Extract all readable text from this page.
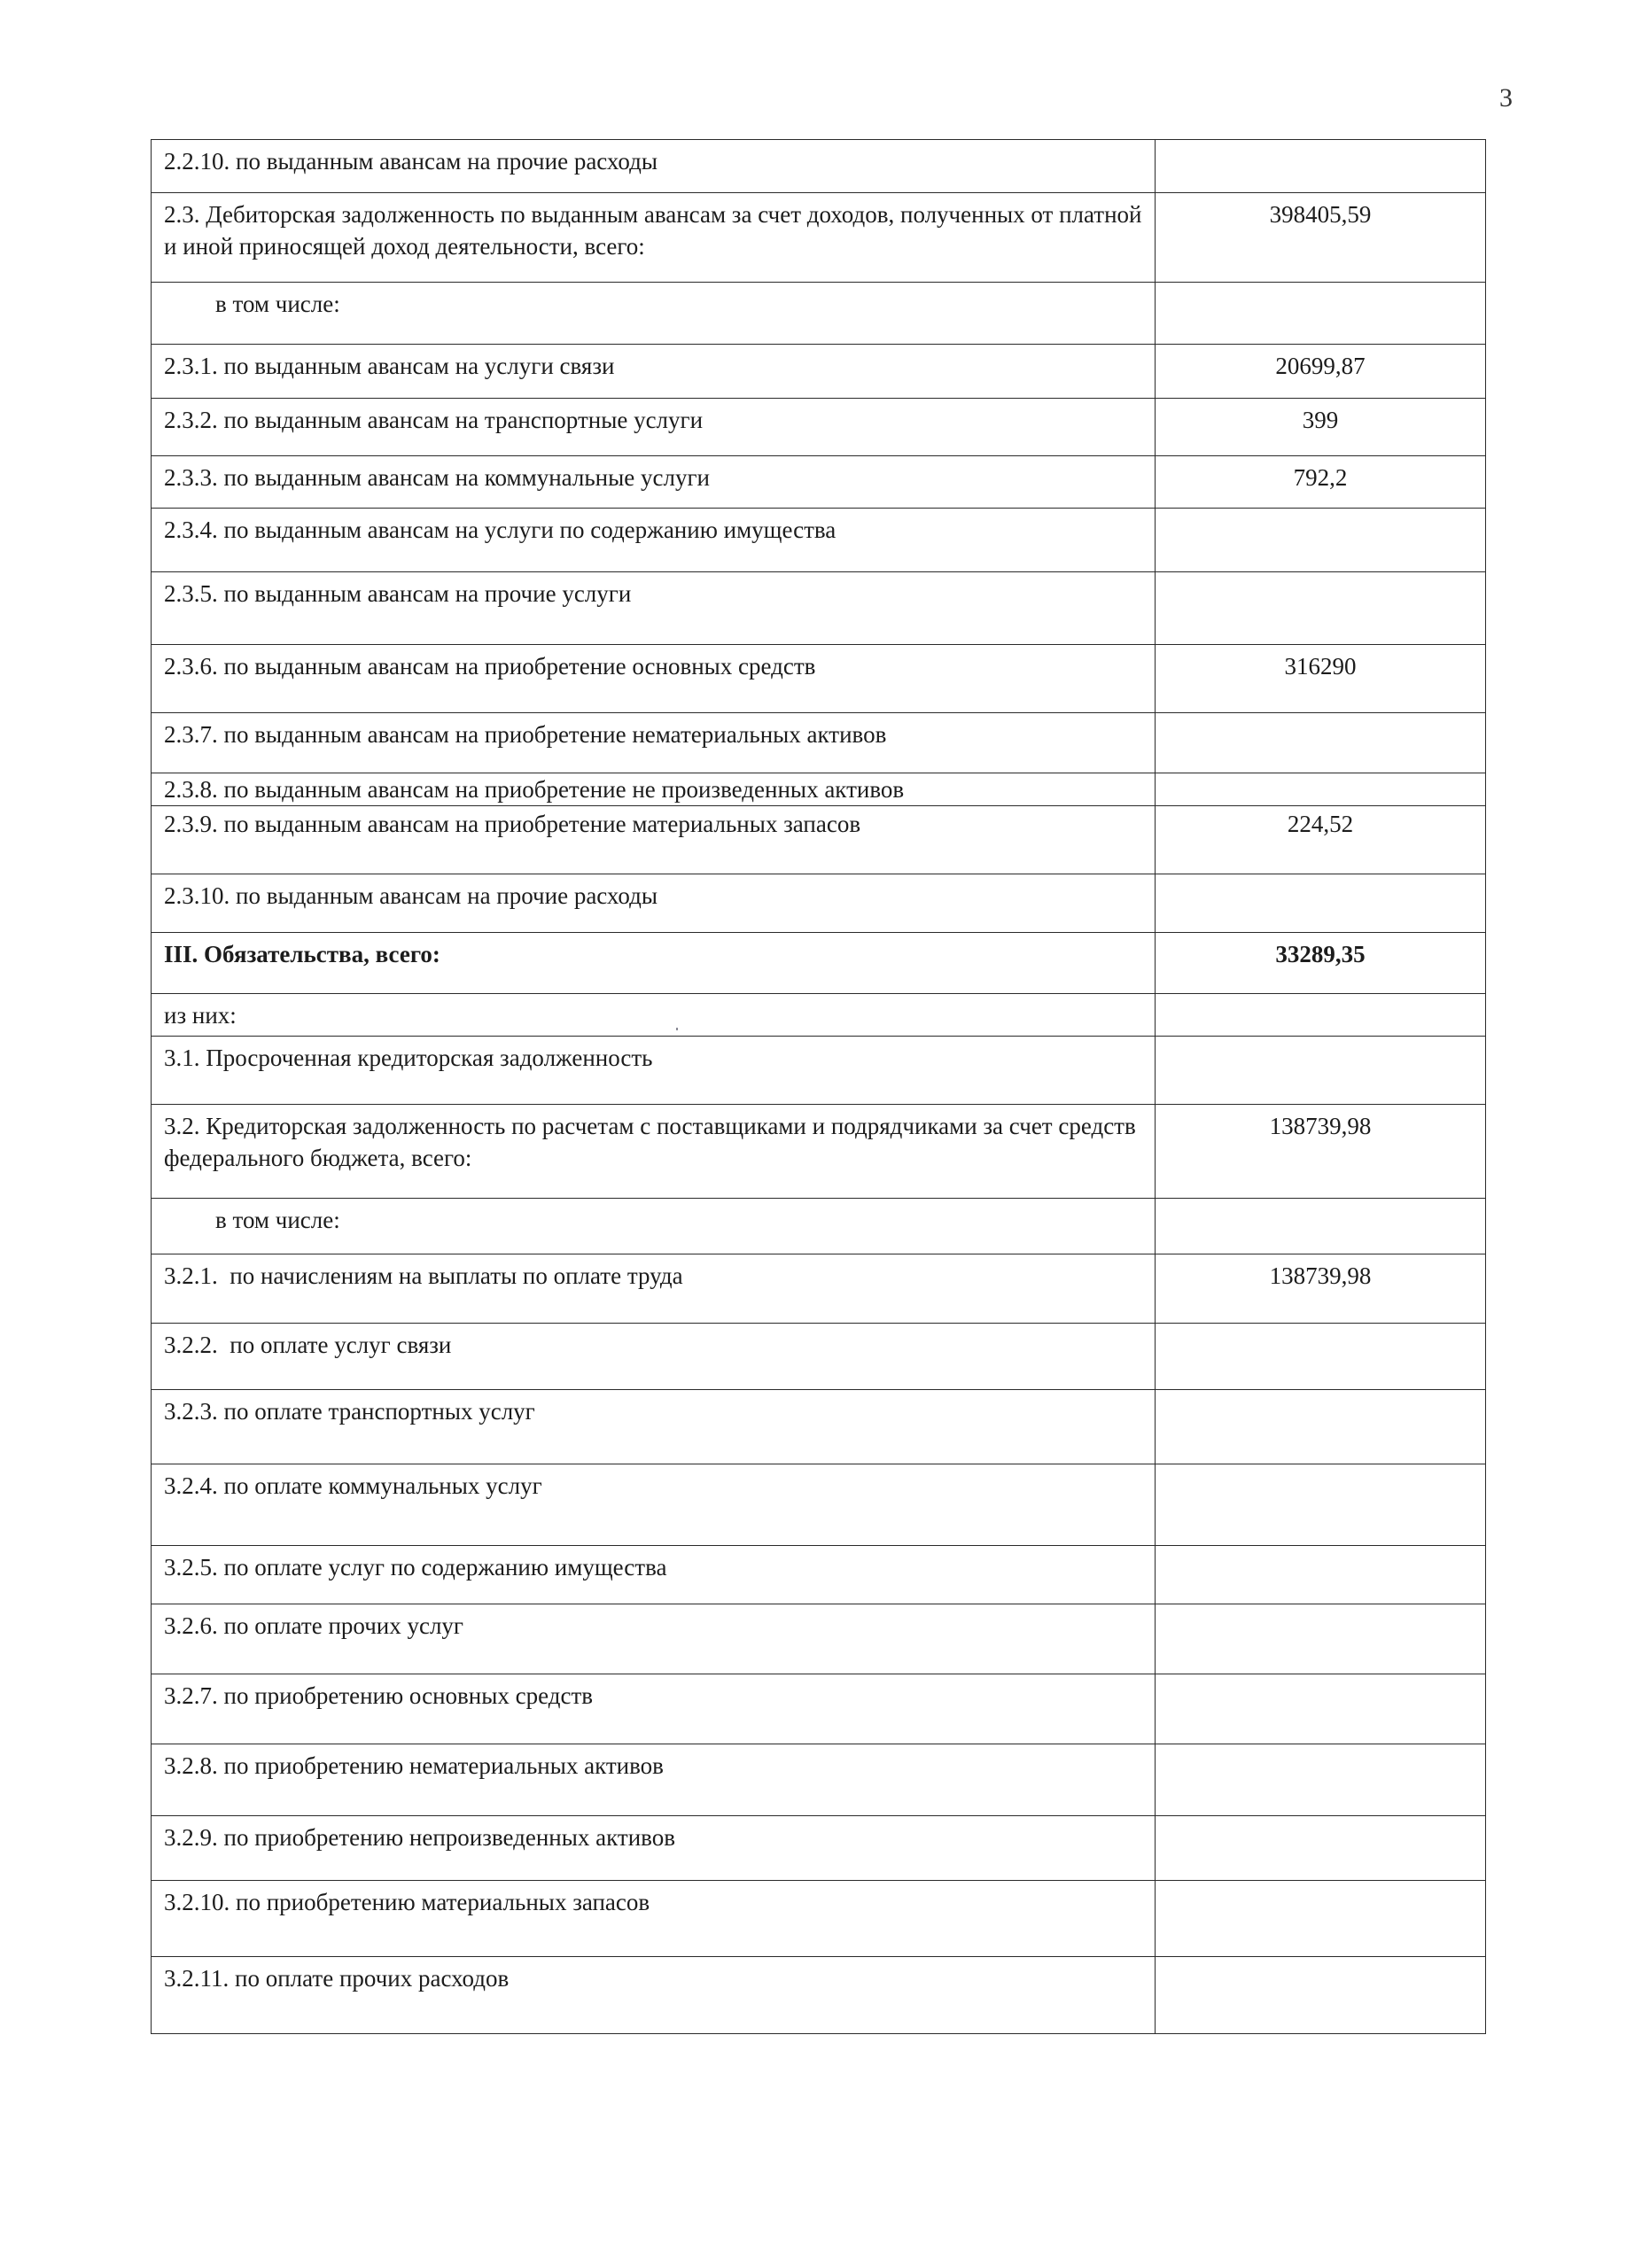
3
2.2.10. по выданным авансам на прочие расходы	
2.3. Дебиторская задолженность по выданным авансам за счет доходов, полученных от платной и иной приносящей доход деятельности, всего:	398405,59
в том числе:	
2.3.1. по выданным авансам на услуги связи	20699,87
2.3.2. по выданным авансам на транспортные услуги	399
2.3.3. по выданным авансам на коммунальные услуги	792,2
2.3.4. по выданным авансам на услуги по содержанию имущества	
2.3.5. по выданным авансам на прочие услуги	
2.3.6. по выданным авансам на приобретение основных средств	316290
2.3.7. по выданным авансам на приобретение нематериальных активов	
2.3.8. по выданным авансам на приобретение не произведенных активов	
2.3.9. по выданным авансам на приобретение материальных запасов	224,52
2.3.10. по выданным авансам на прочие расходы	
III. Обязательства, всего:	33289,35
из них:	
3.1. Просроченная кредиторская задолженность	
3.2. Кредиторская задолженность по расчетам с поставщиками и подрядчиками за счет средств федерального бюджета, всего:	138739,98
в том числе:	
3.2.1.  по начислениям на выплаты по оплате труда	138739,98
3.2.2.  по оплате услуг связи	
3.2.3. по оплате транспортных услуг	
3.2.4. по оплате коммунальных услуг	
3.2.5. по оплате услуг по содержанию имущества	
3.2.6. по оплате прочих услуг	
3.2.7. по приобретению основных средств	
3.2.8. по приобретению нематериальных активов	
3.2.9. по приобретению непроизведенных активов	
3.2.10. по приобретению материальных запасов	
3.2.11. по оплате прочих расходов	
